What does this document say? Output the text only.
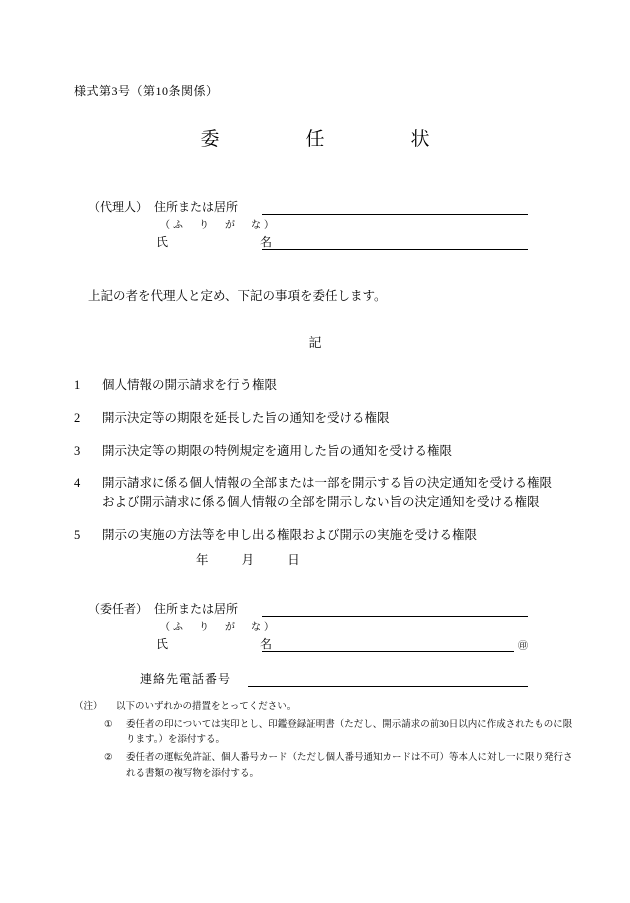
様式第3号（第10条関係）
委　　任　　状
（代理人） 住所または居所
（ふ　り　が　な）
氏　　　名
上記の者を代理人と定め、下記の事項を委任します。
記
1	個人情報の開示請求を行う権限
2	開示決定等の期限を延長した旨の通知を受ける権限
3	開示決定等の期限の特例規定を適用した旨の通知を受ける権限
4	開示請求に係る個人情報の全部または一部を開示する旨の決定通知を受ける権限および開示請求に係る個人情報の全部を開示しない旨の決定通知を受ける権限
5	開示の実施の方法等を申し出る権限および開示の実施を受ける権限
年 月 日
（委任者） 住所または居所
（ふ　り　が　な）
氏　　　名	㊞
連絡先電話番号
（注）	以下のいずれかの措置をとってください。
①	委任者の印については実印とし、印鑑登録証明書（ただし、開示請求の前30日以内に作成されたものに限ります。）を添付する。
②	委任者の運転免許証、個人番号カード（ただし個人番号通知カードは不可）等本人に対し一に限り発行される書類の複写物を添付する。
